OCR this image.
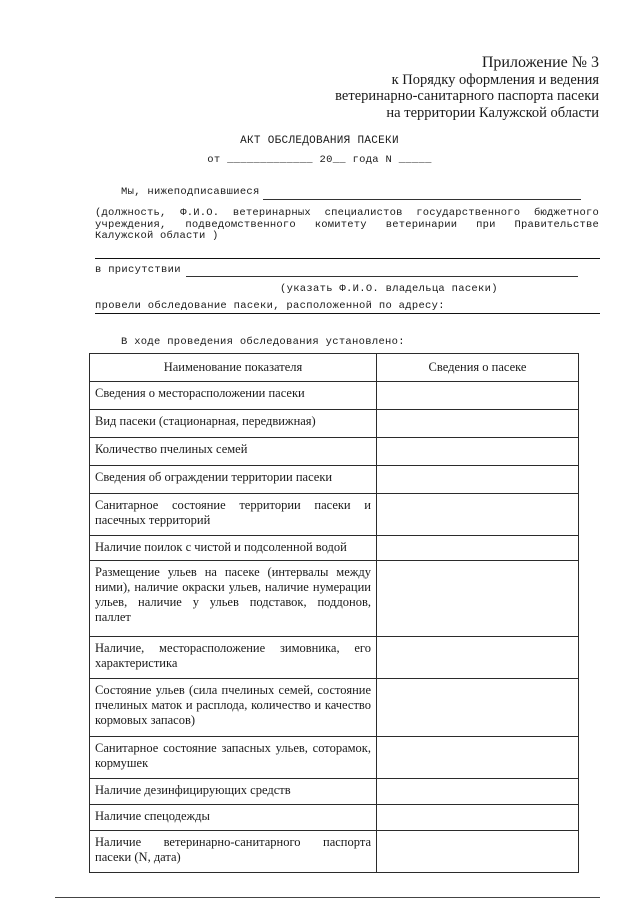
Приложение № 3
к Порядку оформления и ведения
ветеринарно-санитарного паспорта пасеки
на территории Калужской области
АКТ ОБСЛЕДОВАНИЯ ПАСЕКИ
от _____________ 20__ года N _____
Мы, нижеподписавшиеся
(должность, Ф.И.О. ветеринарных специалистов государственного бюджетного учреждения, подведомственного комитету ветеринарии при Правительстве Калужской области )
в присутствии
(указать Ф.И.О. владельца пасеки)
провели обследование пасеки, расположенной по адресу:
В ходе проведения обследования установлено:
Наименование показателя	Сведения о пасеке
Сведения о месторасположении пасеки	
Вид пасеки (стационарная, передвижная)	
Количество пчелиных семей	
Сведения об ограждении территории пасеки	
Санитарное состояние территории пасеки и пасечных территорий	
Наличие поилок с чистой и подсоленной водой	
Размещение ульев на пасеке (интервалы между ними), наличие окраски ульев, наличие нумерации ульев, наличие у ульев подставок, поддонов, паллет	
Наличие, месторасположение зимовника, его характеристика	
Состояние ульев (сила пчелиных семей, состояние пчелиных маток и расплода, количество и качество кормовых запасов)	
Санитарное состояние запасных ульев, соторамок, кормушек	
Наличие дезинфицирующих средств	
Наличие спецодежды	
Наличие ветеринарно-санитарного паспорта пасеки (N, дата)	
